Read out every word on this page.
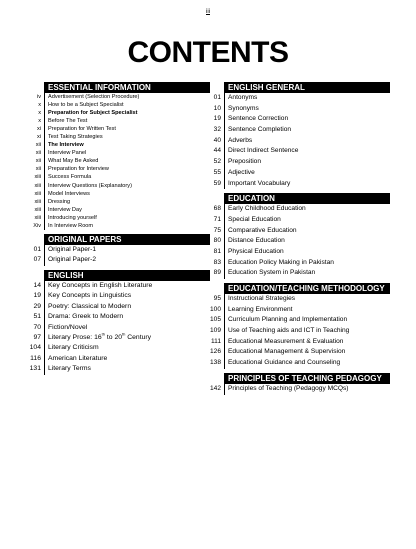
iii
CONTENTS
ESSENTIAL INFORMATION
iv	Advertisement (Selection Procedure)
x	How to be a Subject Specialist
x	Preparation for Subject Specialist
x	Before The Test
xi	Preparation for Written Test
xi	Test Taking Strategies
xii	The Interview
xii	Interview Panel
xii	What May Be Asked
xii	Preparation for Interview
xiii	Success Formula
xiii	Interview Questions (Explanatory)
xiii	Model Interviews
xiii	Dressing
xiii	Interview Day
xiii	Introducing yourself
Xiv	In Interview Room
ORIGINAL PAPERS
01	Original Paper-1
07	Original Paper-2
ENGLISH
14	Key Concepts in English Literature
19	Key Concepts in Linguistics
29	Poetry: Classical to Modern
51	Drama: Greek to Modern
70	Fiction/Novel
97	Literary Prose: 16th to 20th Century
104	Literary Criticism
116	American Literature
131	Literary Terms
ENGLISH GENERAL
01	Antonyms
10	Synonyms
19	Sentence Correction
32	Sentence Completion
40	Adverbs
44	Direct Indirect Sentence
52	Preposition
55	Adjective
59	Important Vocabulary
EDUCATION
68	Early Childhood Education
71	Special Education
75	Comparative Education
80	Distance Education
81	Physical Education
83	Education Policy Making in Pakistan
89	Education System in Pakistan
EDUCATION/TEACHING METHODOLOGY
95	Instructional Strategies
100	Learning Environment
105	Curriculum Planning and Implementation
109	Use of Teaching aids and ICT in Teaching
111	Educational Measurement & Evaluation
126	Educational Management & Supervision
138	Educational Guidance and Counseling
PRINCIPLES OF TEACHING PEDAGOGY
142	Principles of Teaching (Pedagogy MCQs)
